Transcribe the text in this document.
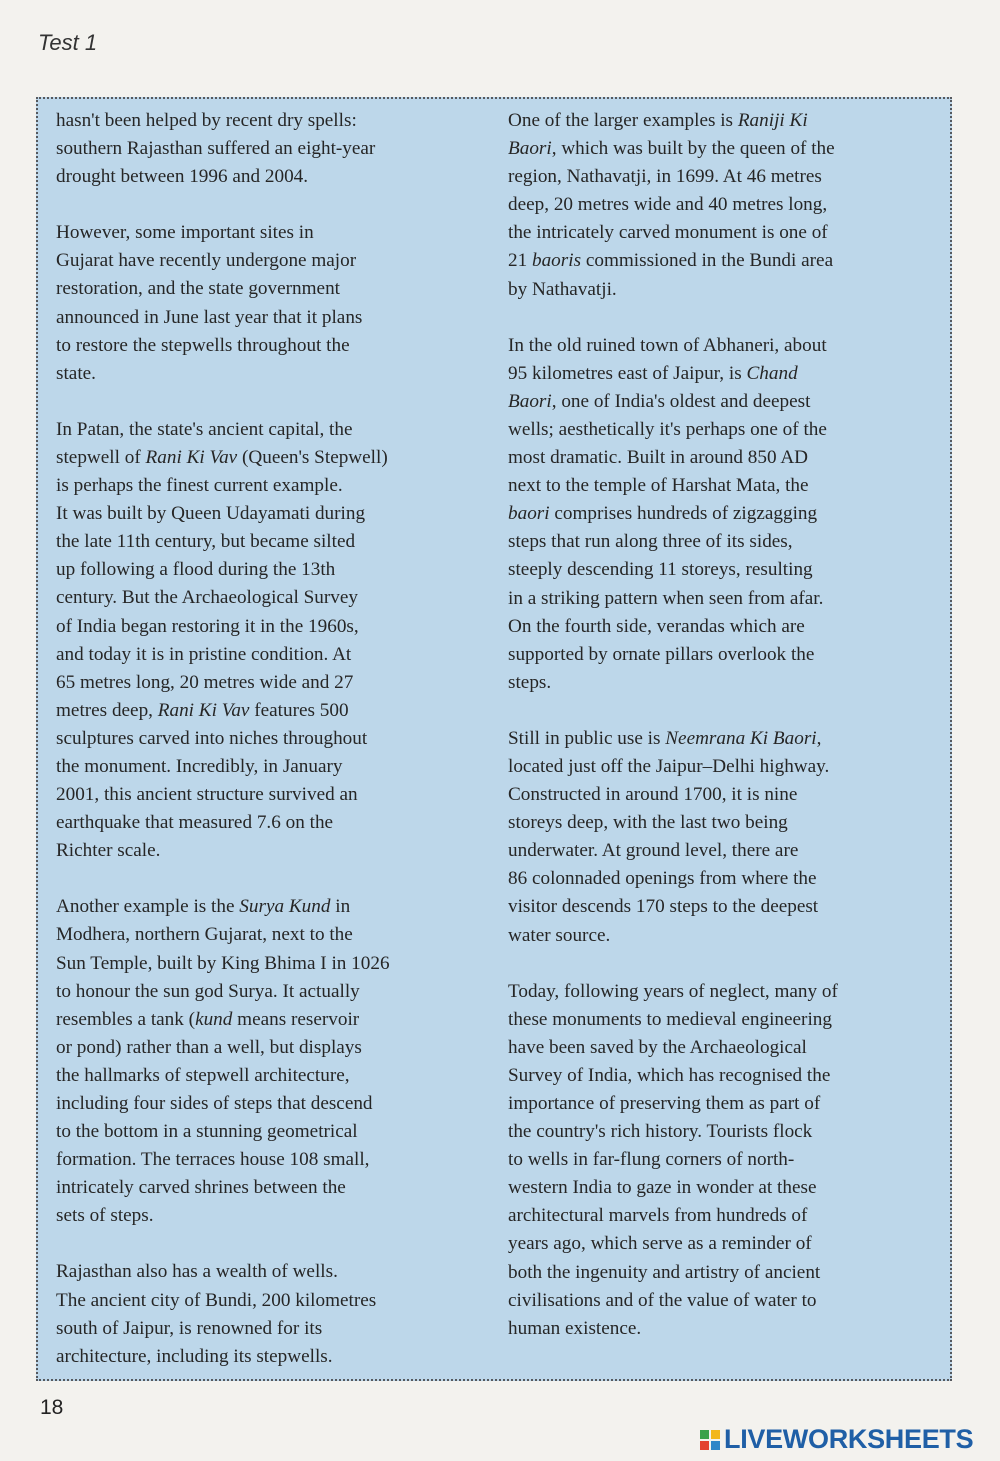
Test 1

hasn't been helped by recent dry spells:
southern Rajasthan suffered an eight-year
drought between 1996 and 2004.

However, some important sites in
Gujarat have recently undergone major
restoration, and the state government
announced in June last year that it plans
to restore the stepwells throughout the
state.

In Patan, the state's ancient capital, the
stepwell of Rani Ki Vav (Queen's Stepwell)
is perhaps the finest current example.
It was built by Queen Udayamati during
the late 11th century, but became silted
up following a flood during the 13th
century. But the Archaeological Survey
of India began restoring it in the 1960s,
and today it is in pristine condition. At
65 metres long, 20 metres wide and 27
metres deep, Rani Ki Vav features 500
sculptures carved into niches throughout
the monument. Incredibly, in January
2001, this ancient structure survived an
earthquake that measured 7.6 on the
Richter scale.

Another example is the Surya Kund in
Modhera, northern Gujarat, next to the
Sun Temple, built by King Bhima I in 1026
to honour the sun god Surya. It actually
resembles a tank (kund means reservoir
or pond) rather than a well, but displays
the hallmarks of stepwell architecture,
including four sides of steps that descend
to the bottom in a stunning geometrical
formation. The terraces house 108 small,
intricately carved shrines between the
sets of steps.

Rajasthan also has a wealth of wells.
The ancient city of Bundi, 200 kilometres
south of Jaipur, is renowned for its
architecture, including its stepwells.

One of the larger examples is Raniji Ki
Baori, which was built by the queen of the
region, Nathavatji, in 1699. At 46 metres
deep, 20 metres wide and 40 metres long,
the intricately carved monument is one of
21 baoris commissioned in the Bundi area
by Nathavatji.

In the old ruined town of Abhaneri, about
95 kilometres east of Jaipur, is Chand
Baori, one of India's oldest and deepest
wells; aesthetically it's perhaps one of the
most dramatic. Built in around 850 AD
next to the temple of Harshat Mata, the
baori comprises hundreds of zigzagging
steps that run along three of its sides,
steeply descending 11 storeys, resulting
in a striking pattern when seen from afar.
On the fourth side, verandas which are
supported by ornate pillars overlook the
steps.

Still in public use is Neemrana Ki Baori,
located just off the Jaipur–Delhi highway.
Constructed in around 1700, it is nine
storeys deep, with the last two being
underwater. At ground level, there are
86 colonnaded openings from where the
visitor descends 170 steps to the deepest
water source.

Today, following years of neglect, many of
these monuments to medieval engineering
have been saved by the Archaeological
Survey of India, which has recognised the
importance of preserving them as part of
the country's rich history. Tourists flock
to wells in far-flung corners of north-
western India to gaze in wonder at these
architectural marvels from hundreds of
years ago, which serve as a reminder of
both the ingenuity and artistry of ancient
civilisations and of the value of water to
human existence.

18
LIVEWORKSHEETS
